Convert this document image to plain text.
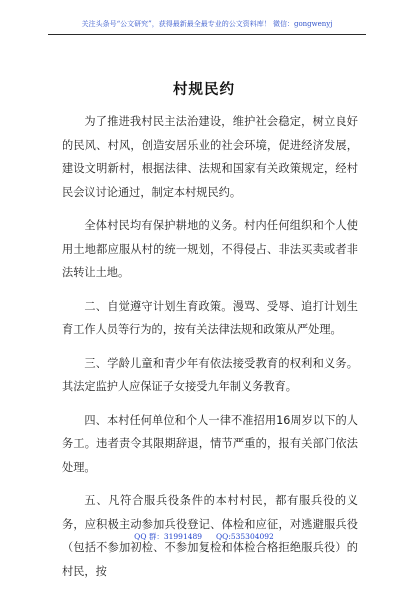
关注头条号“公文研究”，获得最新最全最专业的公文资料库！ 微信：gongwenyj
村规民约

为了推进我村民主法治建设，维护社会稳定，树立良好的民风、村风，创造安居乐业的社会环境，促进经济发展，建设文明新村，根据法律、法规和国家有关政策规定，经村民会议讨论通过，制定本村规民约。

全体村民均有保护耕地的义务。村内任何组织和个人使用土地都应服从村的统一规划，不得侵占、非法买卖或者非法转让土地。

二、自觉遵守计划生育政策。漫骂、受辱、追打计划生育工作人员等行为的，按有关法律法规和政策从严处理。

三、学龄儿童和青少年有依法接受教育的权利和义务。其法定监护人应保证子女接受九年制义务教育。

四、本村任何单位和个人一律不准招用16周岁以下的人务工。违者责令其限期辞退，情节严重的，报有关部门依法处理。

五、凡符合服兵役条件的本村村民，都有服兵役的义务，应积极主动参加兵役登记、体检和应征，对逃避服兵役（包括不参加初检、不参加复检和体检合格拒绝服兵役）的村民，按

QQ 群：31991489 QQ:535304092
